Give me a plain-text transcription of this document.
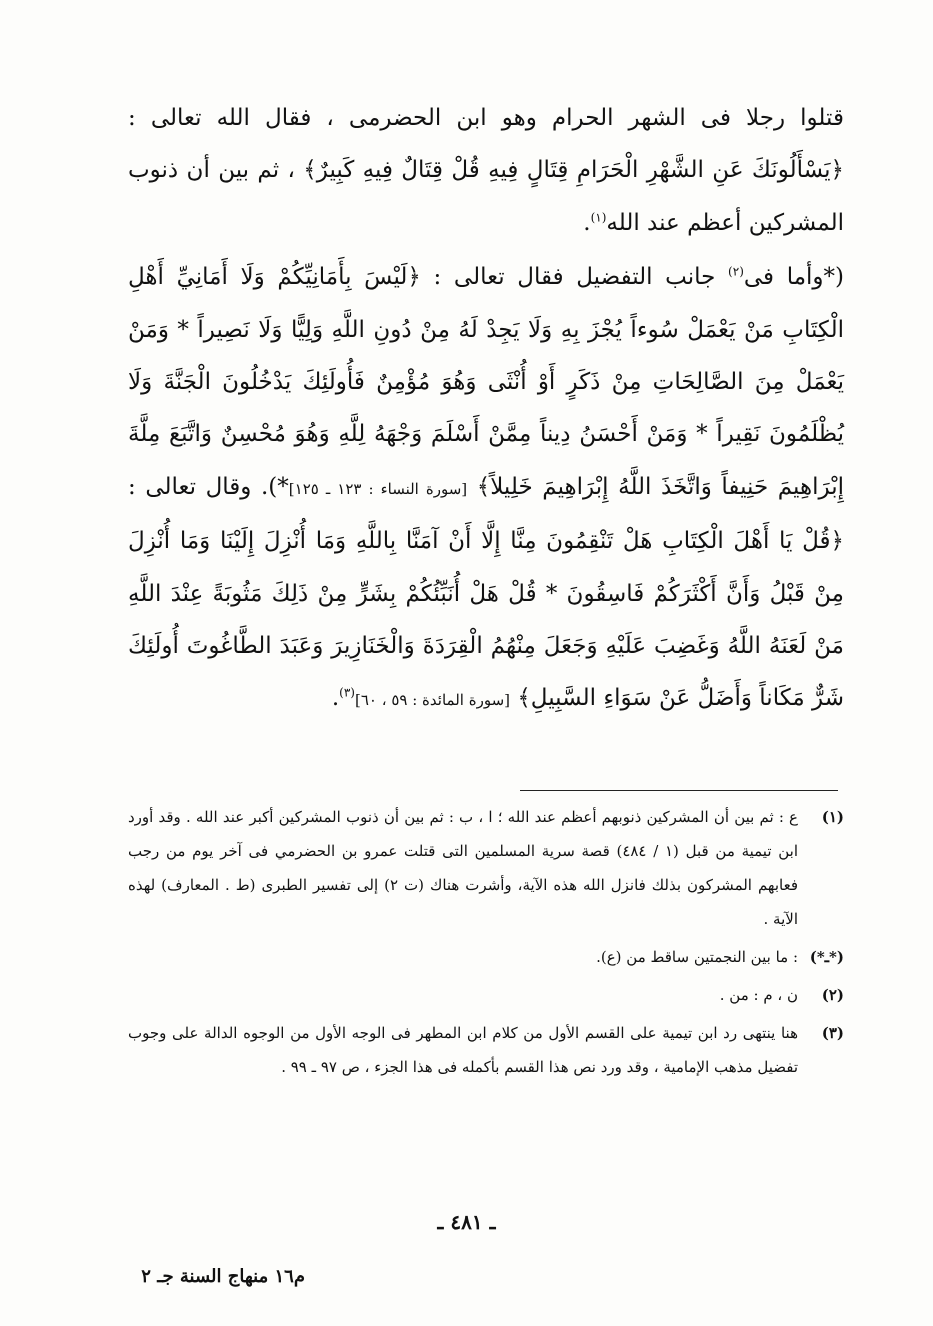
قتلوا رجلا فى الشهر الحرام وهو ابن الحضرمى ، فقال الله تعالى : ﴿يَسْأَلُونَكَ عَنِ الشَّهْرِ الْحَرَامِ قِتَالٍ فِيهِ قُلْ قِتَالٌ فِيهِ كَبِيرٌ﴾ ، ثم بين أن ذنوب المشركين أعظم عند الله$^{(١)}$.

(*وأما فى$^{(٢)}$ جانب التفضيل فقال تعالى : ﴿لَيْسَ بِأَمَانِيِّكُمْ وَلَا أَمَانِيِّ أَهْلِ الْكِتَابِ مَنْ يَعْمَلْ سُوءاً يُجْزَ بِهِ وَلَا يَجِدْ لَهُ مِنْ دُونِ اللَّهِ وَلِيًّا وَلَا نَصِيراً * وَمَنْ يَعْمَلْ مِنَ الصَّالِحَاتِ مِنْ ذَكَرٍ أَوْ أُنْثَى وَهُوَ مُؤْمِنٌ فَأُولَئِكَ يَدْخُلُونَ الْجَنَّةَ وَلَا يُظْلَمُونَ نَقِيراً * وَمَنْ أَحْسَنُ دِيناً مِمَّنْ أَسْلَمَ وَجْهَهُ لِلَّهِ وَهُوَ مُحْسِنٌ وَاتَّبَعَ مِلَّةَ إِبْرَاهِيمَ حَنِيفاً وَاتَّخَذَ اللَّهُ إِبْرَاهِيمَ خَلِيلاً﴾ [سورة النساء : ١٢٣ ـ ١٢٥]*). وقال تعالى : ﴿قُلْ يَا أَهْلَ الْكِتَابِ هَلْ تَنْقِمُونَ مِنَّا إِلَّا أَنْ آمَنَّا بِاللَّهِ وَمَا أُنْزِلَ إِلَيْنَا وَمَا أُنْزِلَ مِنْ قَبْلُ وَأَنَّ أَكْثَرَكُمْ فَاسِقُونَ * قُلْ هَلْ أُنَبِّئُكُمْ بِشَرٍّ مِنْ ذَلِكَ مَثُوبَةً عِنْدَ اللَّهِ مَنْ لَعَنَهُ اللَّهُ وَغَضِبَ عَلَيْهِ وَجَعَلَ مِنْهُمُ الْقِرَدَةَ وَالْخَنَازِيرَ وَعَبَدَ الطَّاغُوتَ أُولَئِكَ شَرٌّ مَكَاناً وَأَضَلُّ عَنْ سَوَاءِ السَّبِيلِ﴾ [سورة المائدة : ٥٩ ، ٦٠]$^{(٣)}$.

(١)
ع : ثم بين أن المشركين ذنوبهم أعظم عند الله ؛ ا ، ب : ثم بين أن ذنوب المشركين أكبر عند الله . وقد أورد ابن تيمية من قبل (١ / ٤٨٤) قصة سرية المسلمين التى قتلت عمرو بن الحضرمي فى آخر يوم من رجب فعابهم المشركون بذلك فانزل الله هذه الآية، وأشرت هناك (ت ٢) إلى تفسير الطبرى (ط . المعارف) لهذه الآية .
(*ـ*)
: ما بين النجمتين ساقط من (ع).
(٢)
ن ، م : من .
(٣)
هنا ينتهى رد ابن تيمية على القسم الأول من كلام ابن المطهر فى الوجه الأول من الوجوه الدالة على وجوب تفضيل مذهب الإمامية ، وقد ورد نص هذا القسم بأكمله فى هذا الجزء ، ص ٩٧ ـ ٩٩ .
ـ ٤٨١ ـ
م١٦ منهاج السنة جـ ٢
